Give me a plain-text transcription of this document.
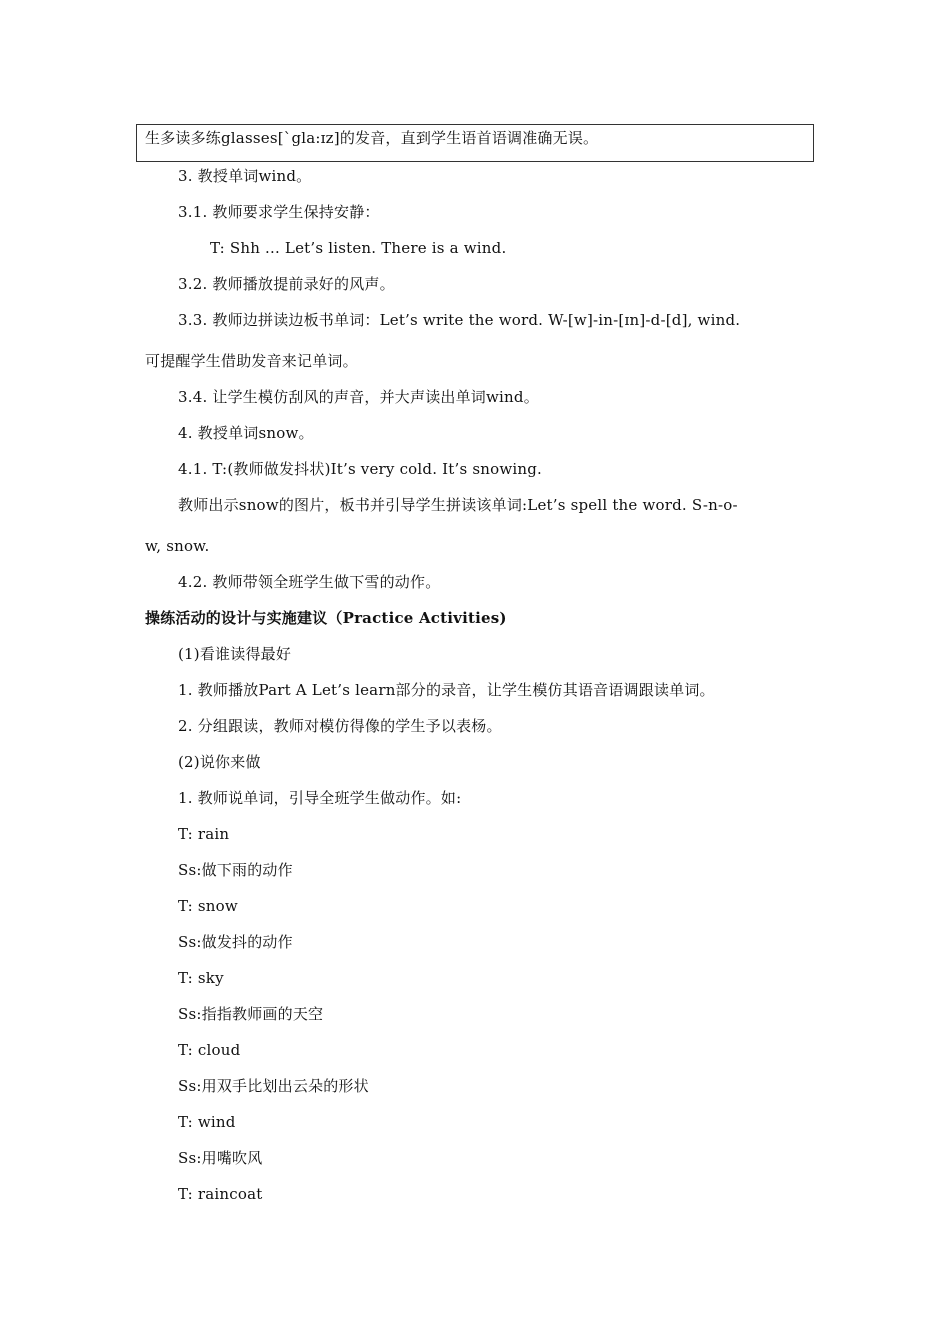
生多读多练glasses[`gla:ɪz]的发音，直到学生语首语调准确无误。
3. 教授单词wind。
3.1. 教师要求学生保持安静：
T: Shh ... Let’s listen. There is a wind.
3.2. 教师播放提前录好的风声。
3.3. 教师边拼读边板书单词：Let’s write the word. W-[w]-in-[ɪn]-d-[d], wind.
可提醒学生借助发音来记单词。
3.4. 让学生模仿刮风的声音，并大声读出单词wind。
4. 教授单词snow。
4.1. T:(教师做发抖状)It’s very cold. It’s snowing.
教师出示snow的图片，板书并引导学生拼读该单词:Let’s spell the word. S-n-o-
w, snow.
4.2. 教师带领全班学生做下雪的动作。
操练活动的设计与实施建议（Practice Activities)
(1)看谁读得最好
1. 教师播放Part A Let’s learn部分的录音，让学生模仿其语音语调跟读单词。
2. 分组跟读，教师对模仿得像的学生予以表杨。
(2)说你来做
1. 教师说单词，引导全班学生做动作。如:
T: rain
Ss:做下雨的动作
T: snow
Ss:做发抖的动作
T: sky
Ss:指指教师画的天空
T: cloud
Ss:用双手比划出云朵的形状
T: wind
Ss:用嘴吹风
T: raincoat
